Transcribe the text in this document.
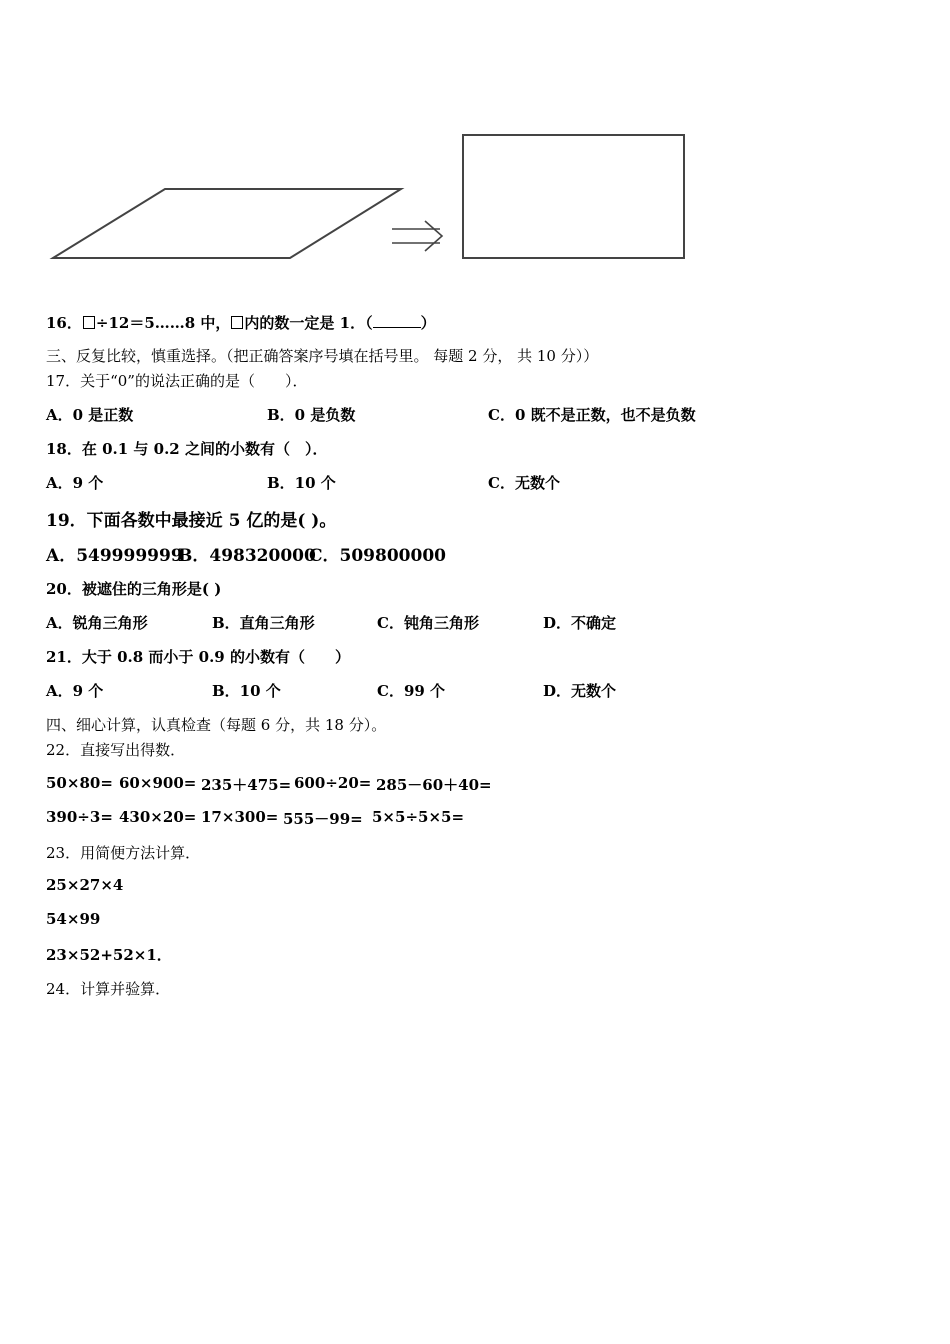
16． ÷12＝5……8 中， 内的数一定是 1．（	）
三、反复比较，慎重选择。（把正确答案序号填在括号里。 每题 2 分， 共 10 分））
17．关于“0”的说法正确的是（　　）．
A．0 是正数	B．0 是负数	C．0 既不是正数，也不是负数
18．在 0.1 与 0.2 之间的小数有（　）．
A．9 个	B．10 个	C．无数个
19．下面各数中最接近 5 亿的是( )。
A．549999999
B．498320000
C．509800000
20．被遮住的三角形是( )
A．锐角三角形	B．直角三角形	C．钝角三角形	D．不确定
21．大于 0.8 而小于 0.9 的小数有（　　）
A．9 个	B．10 个	C．99 个	D．无数个
四、细心计算，认真检查（每题 6 分，共 18 分）。
22．直接写出得数．
50×80= 60×900= 235＋475= 600÷20= 285－60＋40=
390÷3= 430×20= 17×300= 555－99= 5×5÷5×5=
23．用简便方法计算．
25×27×4
54×99
23×52+52×1．
24．计算并验算．
